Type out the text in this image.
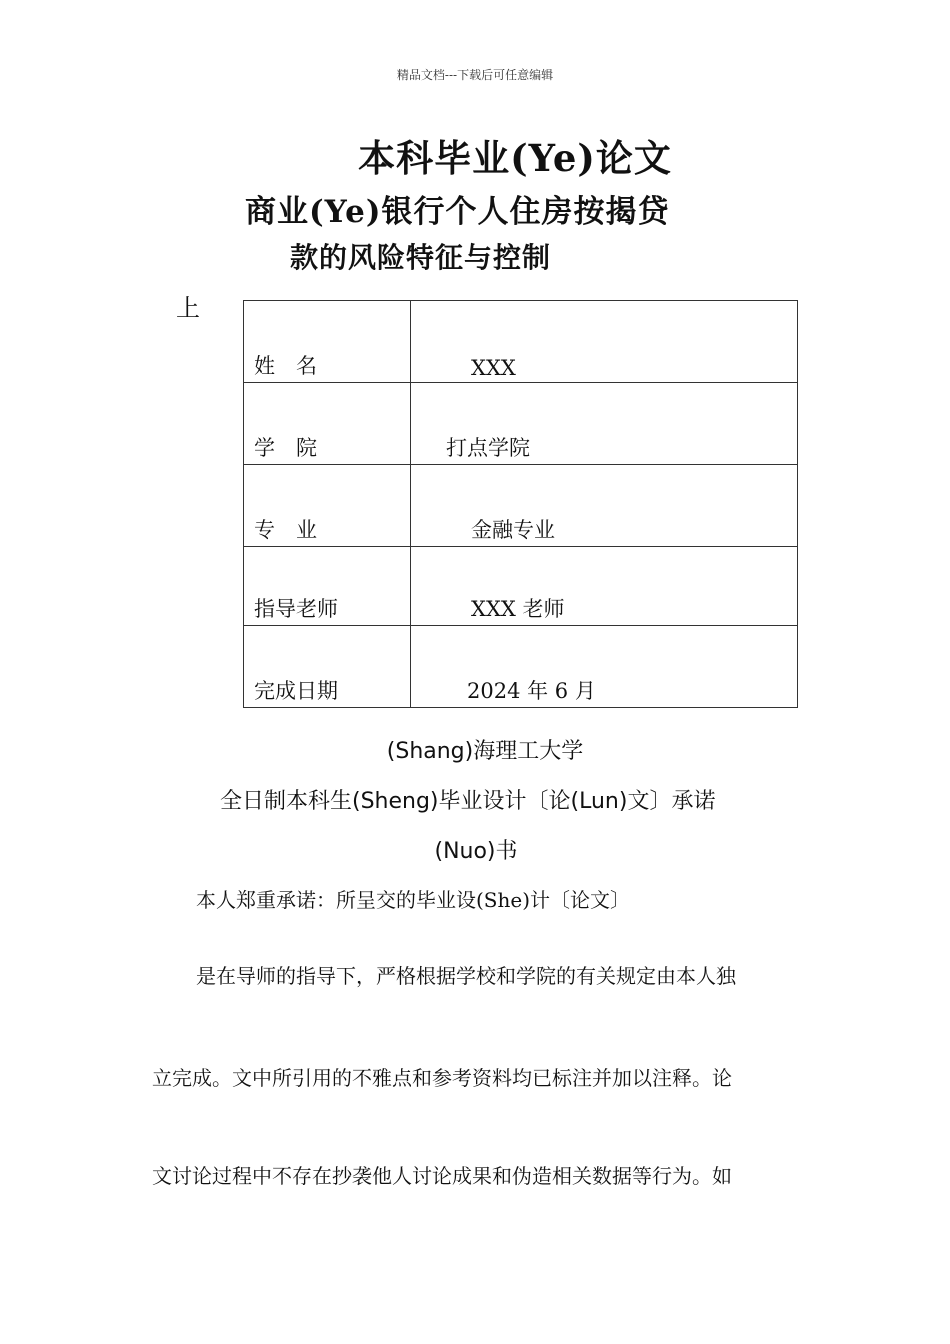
精品文档---下载后可任意编辑
本科毕业(Ye)论文
商业(Ye)银行个人住房按揭贷
款的风险特征与控制
上
姓　名	XXX
学　院	打点学院
专　业	金融专业
指导老师	XXX 老师
完成日期	2024 年 6 月
(Shang)海理工大学
全日制本科生(Sheng)毕业设计〔论(Lun)文〕承诺
(Nuo)书
本人郑重承诺：所呈交的毕业设(She)计〔论文〕
是在导师的指导下，严格根据学校和学院的有关规定由本人独
立完成。文中所引用的不雅点和参考资料均已标注并加以注释。论
文讨论过程中不存在抄袭他人讨论成果和伪造相关数据等行为。如
